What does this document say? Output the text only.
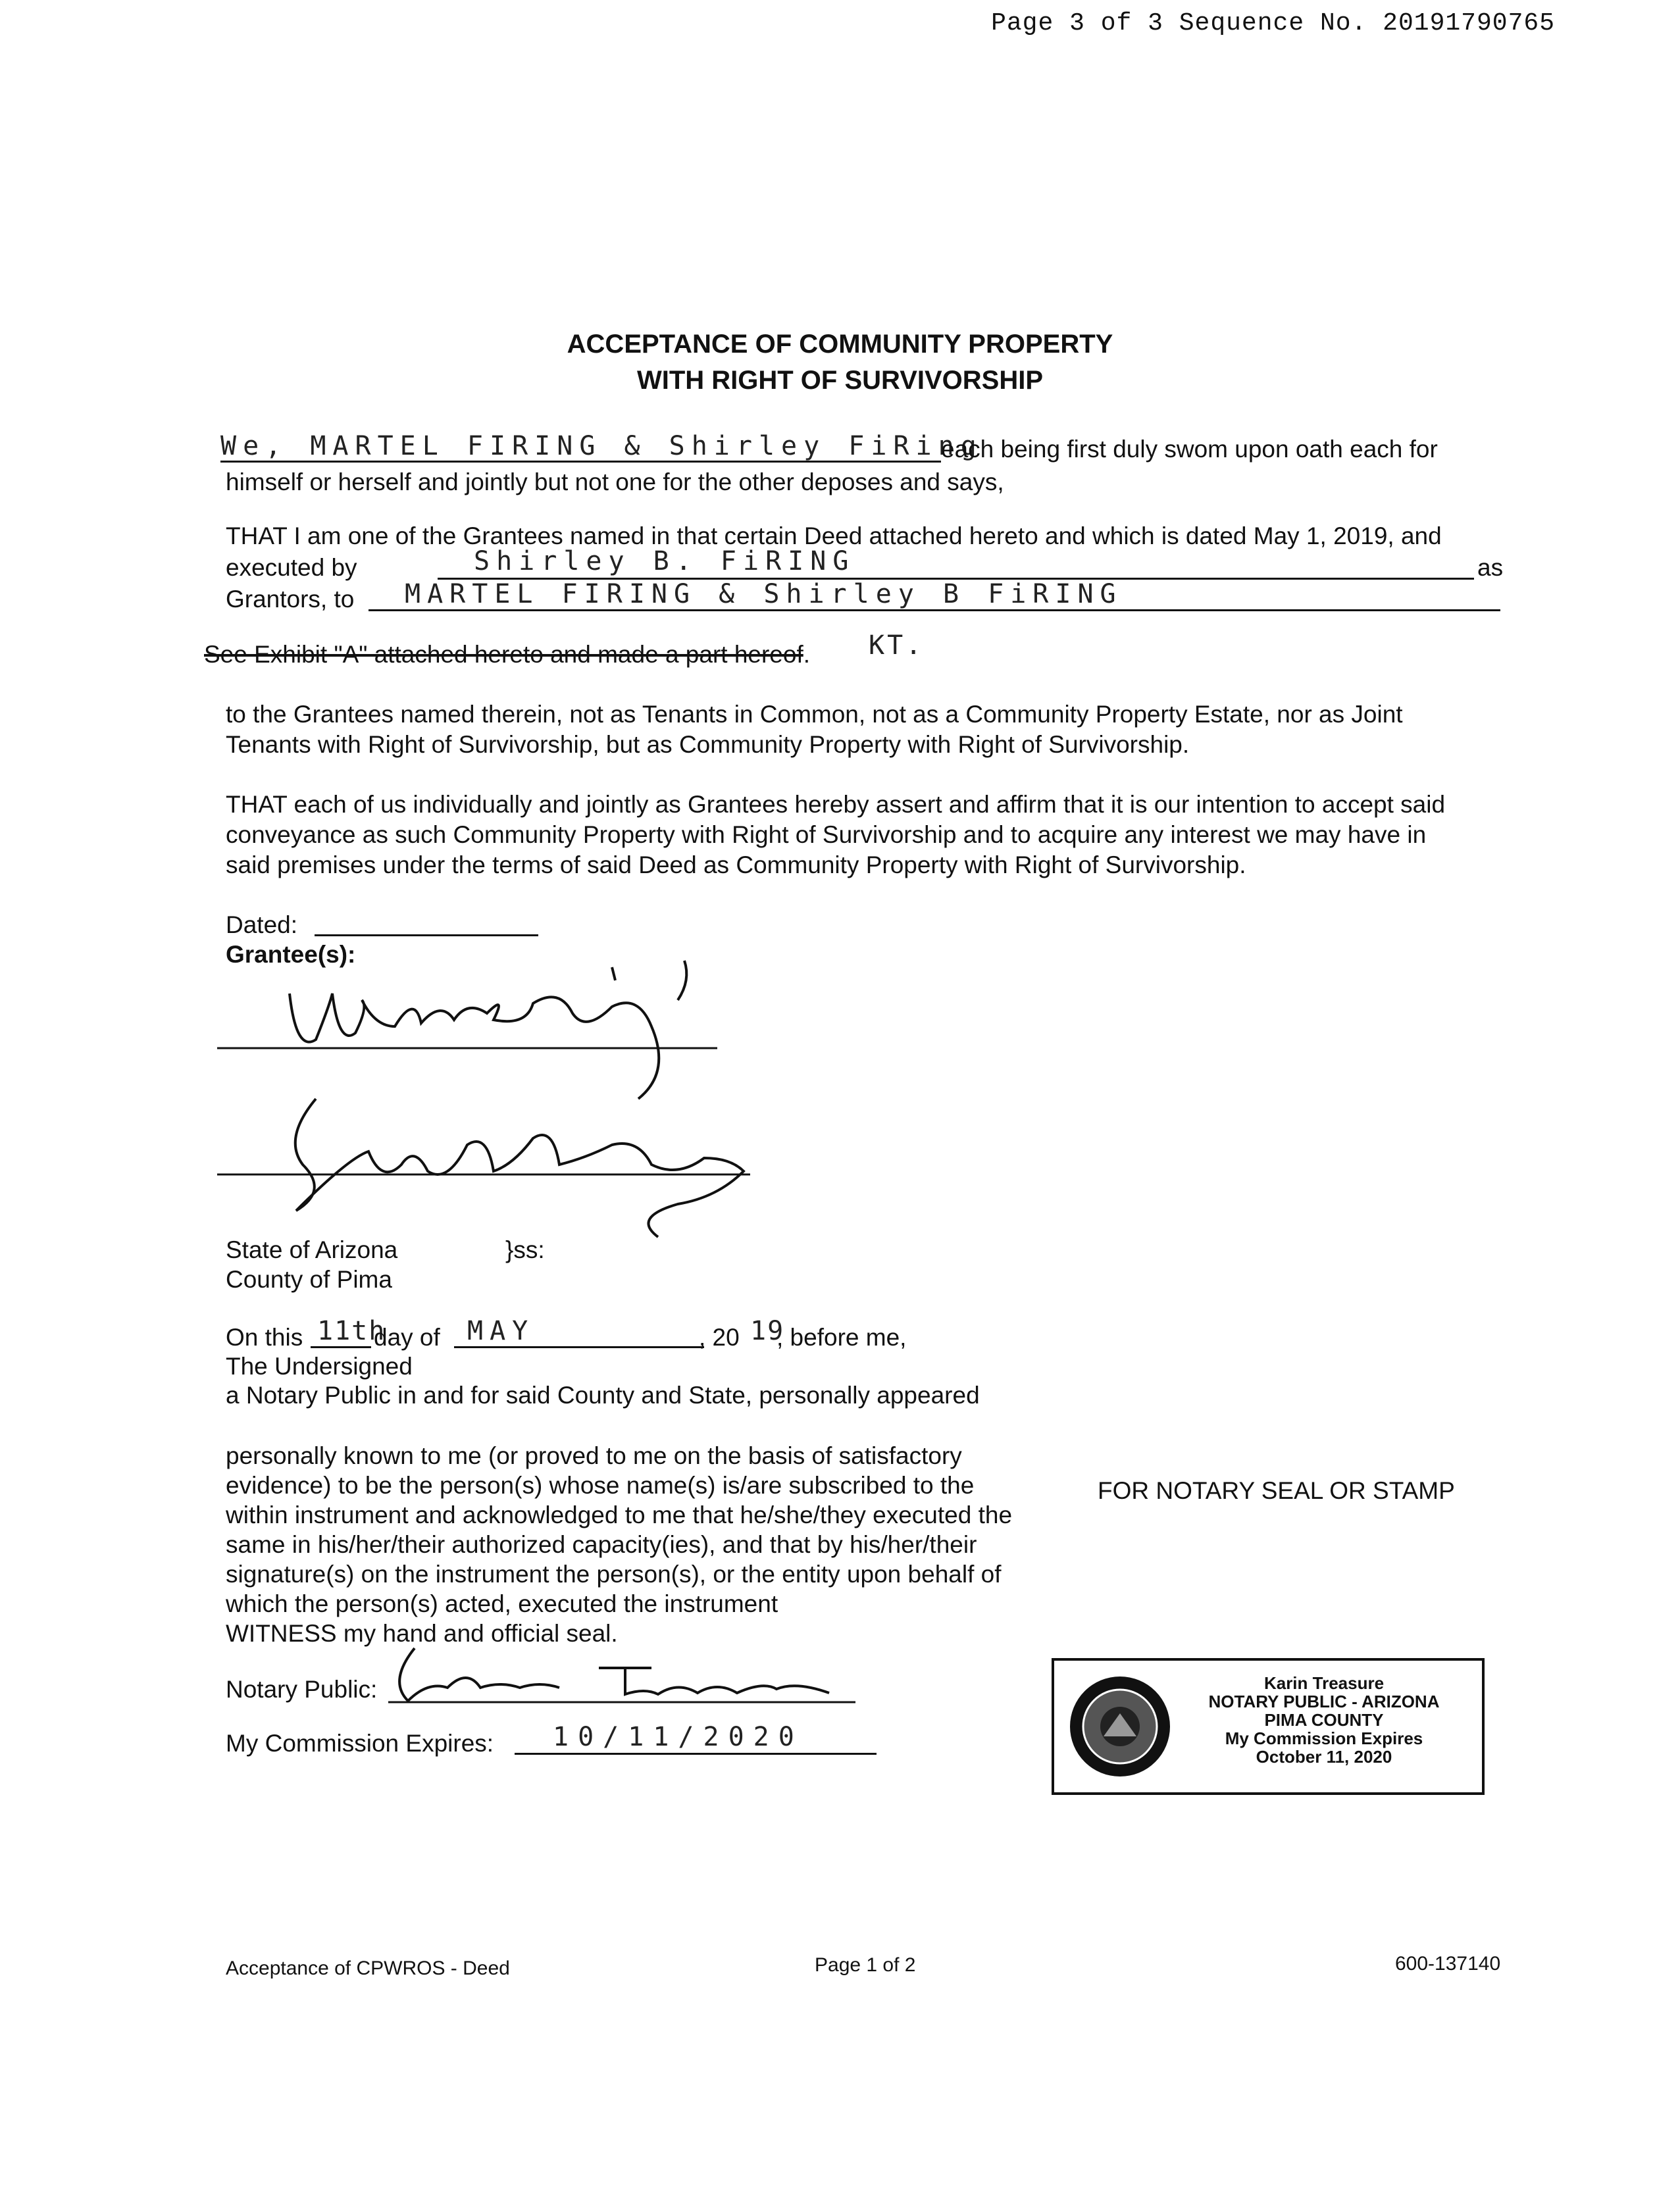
Page 3 of 3 Sequence No. 20191790765
ACCEPTANCE OF COMMUNITY PROPERTY
WITH RIGHT OF SURVIVORSHIP
We, MARTEL FIRING & Shirley FiRing
each being first duly swom upon oath each for
himself or herself and jointly but not one for the other deposes and says,
THAT I am one of the Grantees named in that certain Deed attached hereto and which is dated May 1, 2019, and
executed by	Shirley B. FiRING	as
Grantors, to MARTEL FIRING & Shirley B FiRING
See Exhibit "A" attached hereto and made a part hereof. KT.
to the Grantees named therein, not as Tenants in Common, not as a Community Property Estate, nor as Joint
Tenants with Right of Survivorship, but as Community Property with Right of Survivorship.
THAT each of us individually and jointly as Grantees hereby assert and affirm that it is our intention to accept said
conveyance as such Community Property with Right of Survivorship and to acquire any interest we may have in
said premises under the terms of said Deed as Community Property with Right of Survivorship.
Dated:
Grantee(s):
State of Arizona	}ss:
County of Pima
On this 11th
day of MAY	, 20 19
, before me,
The Undersigned
a Notary Public in and for said County and State, personally appeared
personally known to me (or proved to me on the basis of satisfactory
evidence) to be the person(s) whose name(s) is/are subscribed to the
within instrument and acknowledged to me that he/she/they executed the
same in his/her/their authorized capacity(ies), and that by his/her/their
signature(s) on the instrument the person(s), or the entity upon behalf of
which the person(s) acted, executed the instrument
WITNESS my hand and official seal.
FOR NOTARY SEAL OR STAMP
Notary Public:
My Commission Expires: 10/11/2020
Karin Treasure
NOTARY PUBLIC - ARIZONA
PIMA COUNTY
My Commission Expires
October 11, 2020
Acceptance of CPWROS - Deed	Page 1 of 2	600-137140
